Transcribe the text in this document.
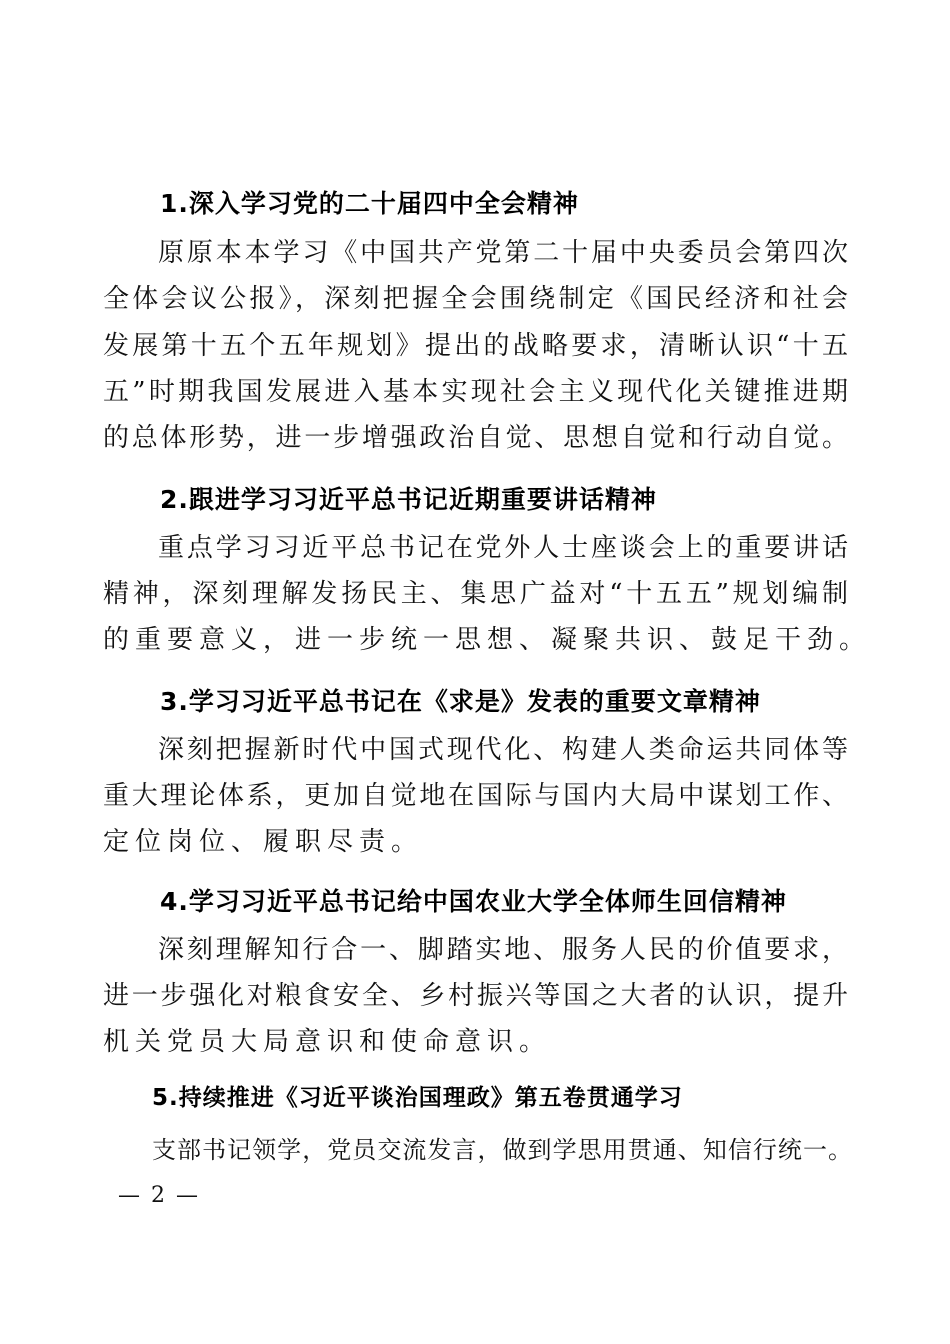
1.深入学习党的二十届四中全会精神
原原本本学习《中国共产党第二十届中央委员会第四次
全体会议公报》，深刻把握全会围绕制定《国民经济和社会
发展第十五个五年规划》提出的战略要求，清晰认识“十五
五”时期我国发展进入基本实现社会主义现代化关键推进期
的总体形势，进一步增强政治自觉、思想自觉和行动自觉。
2.跟进学习习近平总书记近期重要讲话精神
重点学习习近平总书记在党外人士座谈会上的重要讲话
精神，深刻理解发扬民主、集思广益对“十五五”规划编制
的重要意义，进一步统一思想、凝聚共识、鼓足干劲。
3.学习习近平总书记在《求是》发表的重要文章精神
深刻把握新时代中国式现代化、构建人类命运共同体等
重大理论体系，更加自觉地在国际与国内大局中谋划工作、
定位岗位、履职尽责。
4.学习习近平总书记给中国农业大学全体师生回信精神
深刻理解知行合一、脚踏实地、服务人民的价值要求，
进一步强化对粮食安全、乡村振兴等国之大者的认识，提升
机关党员大局意识和使命意识。
5.持续推进《习近平谈治国理政》第五卷贯通学习
支部书记领学，党员交流发言，做到学思用贯通、知信行统一。
— 2 —
